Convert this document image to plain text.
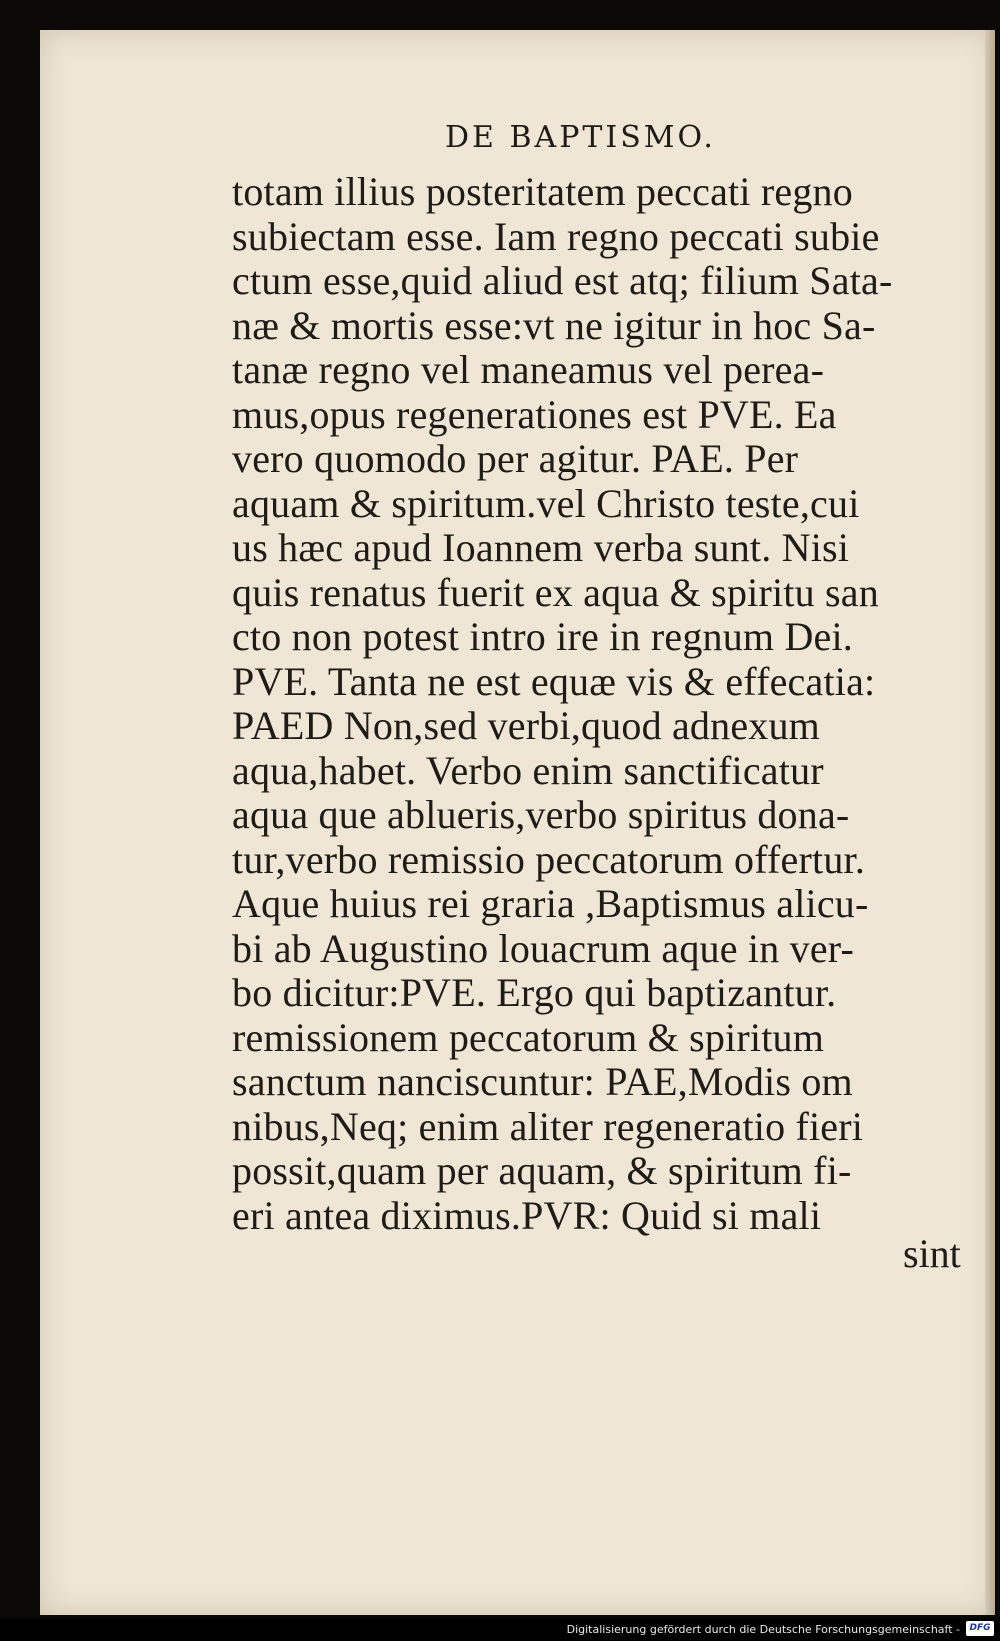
DE BAPTISMO.
totam illius posteritatem peccati regno
subiectam esse. Iam regno peccati subie
ctum esse,quid aliud est atq; filium Sata-
næ & mortis esse:vt ne igitur in hoc Sa-
tanæ regno vel maneamus vel perea-
mus,opus regenerationes est PVE. Ea
vero quomodo per agitur. PAE. Per
aquam & spiritum.vel Christo teste,cui
us hæc apud Ioannem verba sunt. Nisi
quis renatus fuerit ex aqua & spiritu san
cto non potest intro ire in regnum Dei.
PVE. Tanta ne est equæ vis & effecatia:
PAED Non,sed verbi,quod adnexum
aqua,habet. Verbo enim sanctificatur
aqua que ablueris,verbo spiritus dona-
tur,verbo remissio peccatorum offertur.
Aque huius rei graria ,Baptismus alicu-
bi ab Augustino louacrum aque in ver-
bo dicitur:PVE. Ergo qui baptizantur.
remissionem peccatorum & spiritum
sanctum nanciscuntur: PAE,Modis om
nibus,Neq; enim aliter regeneratio fieri
possit,quam per aquam, & spiritum fi-
eri antea diximus.PVR: Quid si mali
sint
Digitalisierung gefördert durch die Deutsche Forschungsgemeinschaft -	DFG
